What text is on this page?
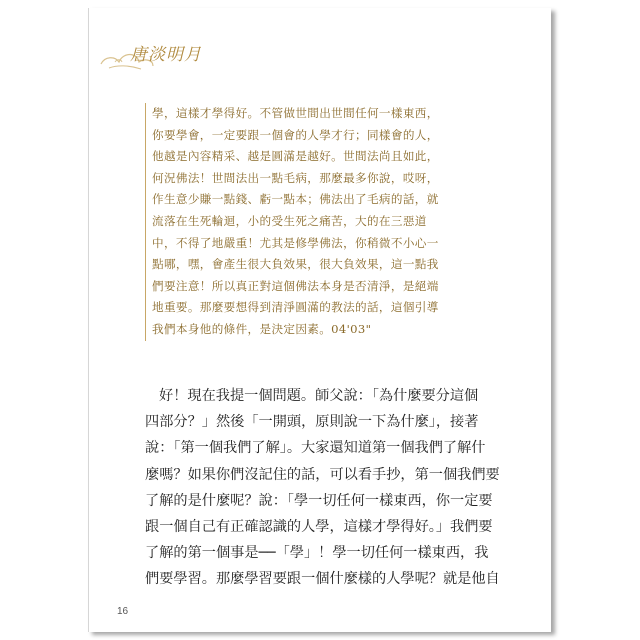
唐淡明月
學，這樣才學得好。不管做世間出世間任何一樣東西，
你要學會，一定要跟一個會的人學才行；同樣會的人，
他越是內容精采、越是圓滿是越好。世間法尚且如此，
何況佛法！世間法出一點毛病，那麼最多你說，哎呀，
作生意少賺一點錢、虧一點本；佛法出了毛病的話，就
流落在生死輪迴，小的受生死之痛苦，大的在三惡道
中，不得了地嚴重！尤其是修學佛法，你稍微不小心一
點哪，嘿，會產生很大負效果，很大負效果，這一點我
們要注意！所以真正對這個佛法本身是否清淨，是絕端
地重要。那麼要想得到清淨圓滿的教法的話，這個引導
我們本身他的條件，是決定因素。04'03"
好！現在我提一個問題。師父說：「為什麼要分這個
四部分？」然後「一開頭，原則說一下為什麼」，接著
說：「第一個我們了解」。大家還知道第一個我們了解什
麼嗎？如果你們沒記住的話，可以看手抄，第一個我們要
了解的是什麼呢？說：「學一切任何一樣東西，你一定要
跟一個自己有正確認識的人學，這樣才學得好。」我們要
了解的第一個事是──「學」！學一切任何一樣東西，我
們要學習。那麼學習要跟一個什麼樣的人學呢？就是他自
16
